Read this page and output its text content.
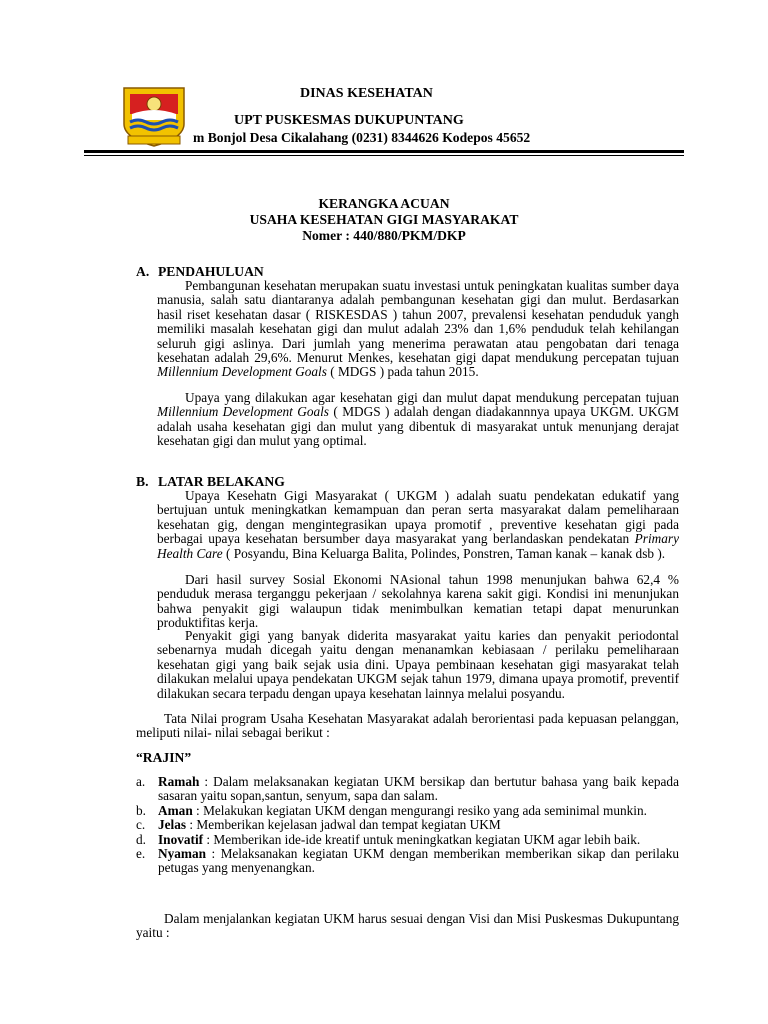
DINAS KESEHATAN
UPT PUSKESMAS DUKUPUNTANG
m Bonjol Desa Cikalahang (0231) 8344626 Kodepos 45652
KERANGKA ACUAN
USAHA KESEHATAN GIGI MASYARAKAT
Nomer : 440/880/PKM/DKP
A. PENDAHULUAN
Pembangunan kesehatan merupakan suatu investasi untuk peningkatan kualitas sumber daya manusia, salah satu diantaranya adalah pembangunan kesehatan gigi dan mulut. Berdasarkan hasil riset kesehatan dasar ( RISKESDAS ) tahun 2007, prevalensi kesehatan penduduk yangh memiliki masalah kesehatan gigi dan mulut adalah 23% dan 1,6% penduduk telah kehilangan seluruh gigi aslinya. Dari jumlah yang menerima perawatan atau pengobatan dari tenaga kesehatan adalah 29,6%. Menurut Menkes, kesehatan gigi dapat mendukung percepatan tujuan Millennium Development Goals ( MDGS ) pada tahun 2015.
Upaya yang dilakukan agar kesehatan gigi dan mulut dapat mendukung percepatan tujuan Millennium Development Goals ( MDGS ) adalah dengan diadakannnya upaya UKGM. UKGM adalah usaha kesehatan gigi dan mulut yang dibentuk di masyarakat untuk menunjang derajat kesehatan gigi dan mulut yang optimal.
B. LATAR BELAKANG
Upaya Kesehatn Gigi Masyarakat ( UKGM ) adalah suatu pendekatan edukatif yang bertujuan untuk meningkatkan kemampuan dan peran serta masyarakat dalam pemeliharaan kesehatan gig, dengan mengintegrasikan upaya promotif , preventive kesehatan gigi pada berbagai upaya kesehatan bersumber daya masyarakat yang berlandaskan pendekatan Primary Health Care ( Posyandu, Bina Keluarga Balita, Polindes, Ponstren, Taman kanak – kanak dsb ).
Dari hasil survey Sosial Ekonomi NAsional tahun 1998 menunjukan bahwa 62,4 % penduduk merasa terganggu pekerjaan / sekolahnya karena sakit gigi. Kondisi ini menunjukan bahwa penyakit gigi walaupun tidak menimbulkan kematian tetapi dapat menurunkan produktifitas kerja.
Penyakit gigi yang banyak diderita masyarakat yaitu karies dan penyakit periodontal sebenarnya mudah dicegah yaitu dengan menanamkan kebiasaan / perilaku pemeliharaan kesehatan gigi yang baik sejak usia dini. Upaya pembinaan kesehatan gigi masyarakat telah dilakukan melalui upaya pendekatan UKGM sejak tahun 1979, dimana upaya promotif, preventif dilakukan secara terpadu dengan upaya kesehatan lainnya melalui posyandu.
Tata Nilai program Usaha Kesehatan Masyarakat adalah berorientasi pada kepuasan pelanggan, meliputi nilai- nilai sebagai berikut :
“RAJIN”
a. Ramah : Dalam melaksanakan kegiatan UKM bersikap dan bertutur bahasa yang baik kepada sasaran yaitu sopan,santun, senyum, sapa dan salam.
b. Aman : Melakukan kegiatan UKM dengan mengurangi resiko yang ada seminimal munkin.
c. Jelas : Memberikan kejelasan jadwal dan tempat kegiatan UKM
d. Inovatif : Memberikan ide-ide kreatif untuk meningkatkan kegiatan UKM agar lebih baik.
e. Nyaman : Melaksanakan kegiatan UKM dengan memberikan memberikan sikap dan perilaku petugas yang menyenangkan.
Dalam menjalankan kegiatan UKM harus sesuai dengan Visi dan Misi Puskesmas Dukupuntang yaitu :
